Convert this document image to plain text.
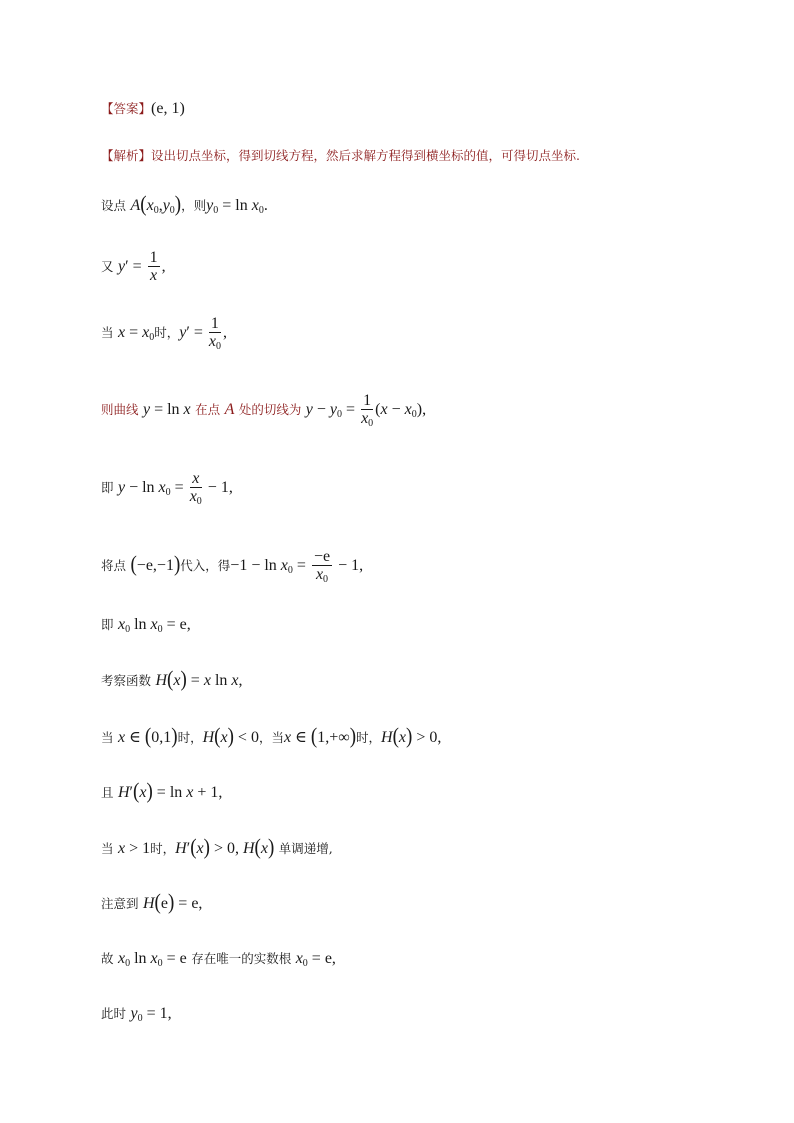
【答案】(e, 1)
【解析】设出切点坐标，得到切线方程，然后求解方程得到横坐标的值，可得切点坐标.
设点 $A(x_0,y_0)$，则$y_0 = \ln x_0$.
又 $y' = \frac{1}{x}$ ,
当 $x = x_0$时，$y' = \frac{1}{x_0}$ ,
则曲线 y = ln x 在点 A 处的切线为 $y - y_0 = \frac{1}{x_0} (x - x_0)$,
即 $y - \ln x_0 = \frac{x}{x_0} - 1$,
将点 (−e,−1)代入，得$-1 - \ln x_0 = \frac{-e}{x_0} - 1$,
即 $x_0$ $\ln x_0 = e$,
考察函数 H(x) = x ln x,
当 x ∈ (0,1)时，H(x) < 0，当x ∈ (1,+∞)时，H(x) > 0,
且 H′(x) = ln x + 1,
当 x > 1时，H′(x) > 0, H(x) 单调递增,
注意到 H(e) = e,
故 $x_0$ $\ln x_0 = e$ 存在唯一的实数根 $x_0 = e$,
此时 $y_0 = 1$,
